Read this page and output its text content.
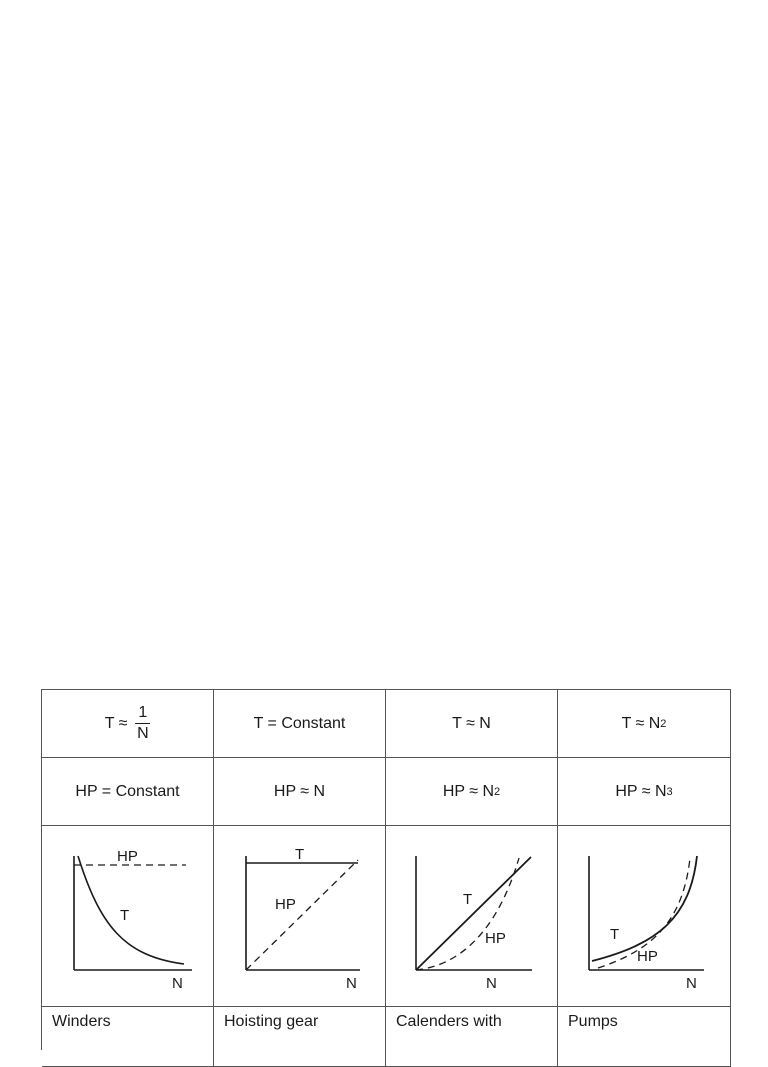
$T \approx \frac{1}{N}$	T = Constant	T ≈ N	T ≈ N 2
HP = Constant	HP ≈ N	HP ≈ N 2	HP ≈ N 3
HP
T
N
T
HP
N
T
HP
N
T
HP
N
Winders	Hoisting gear	Calenders with	Pumps
